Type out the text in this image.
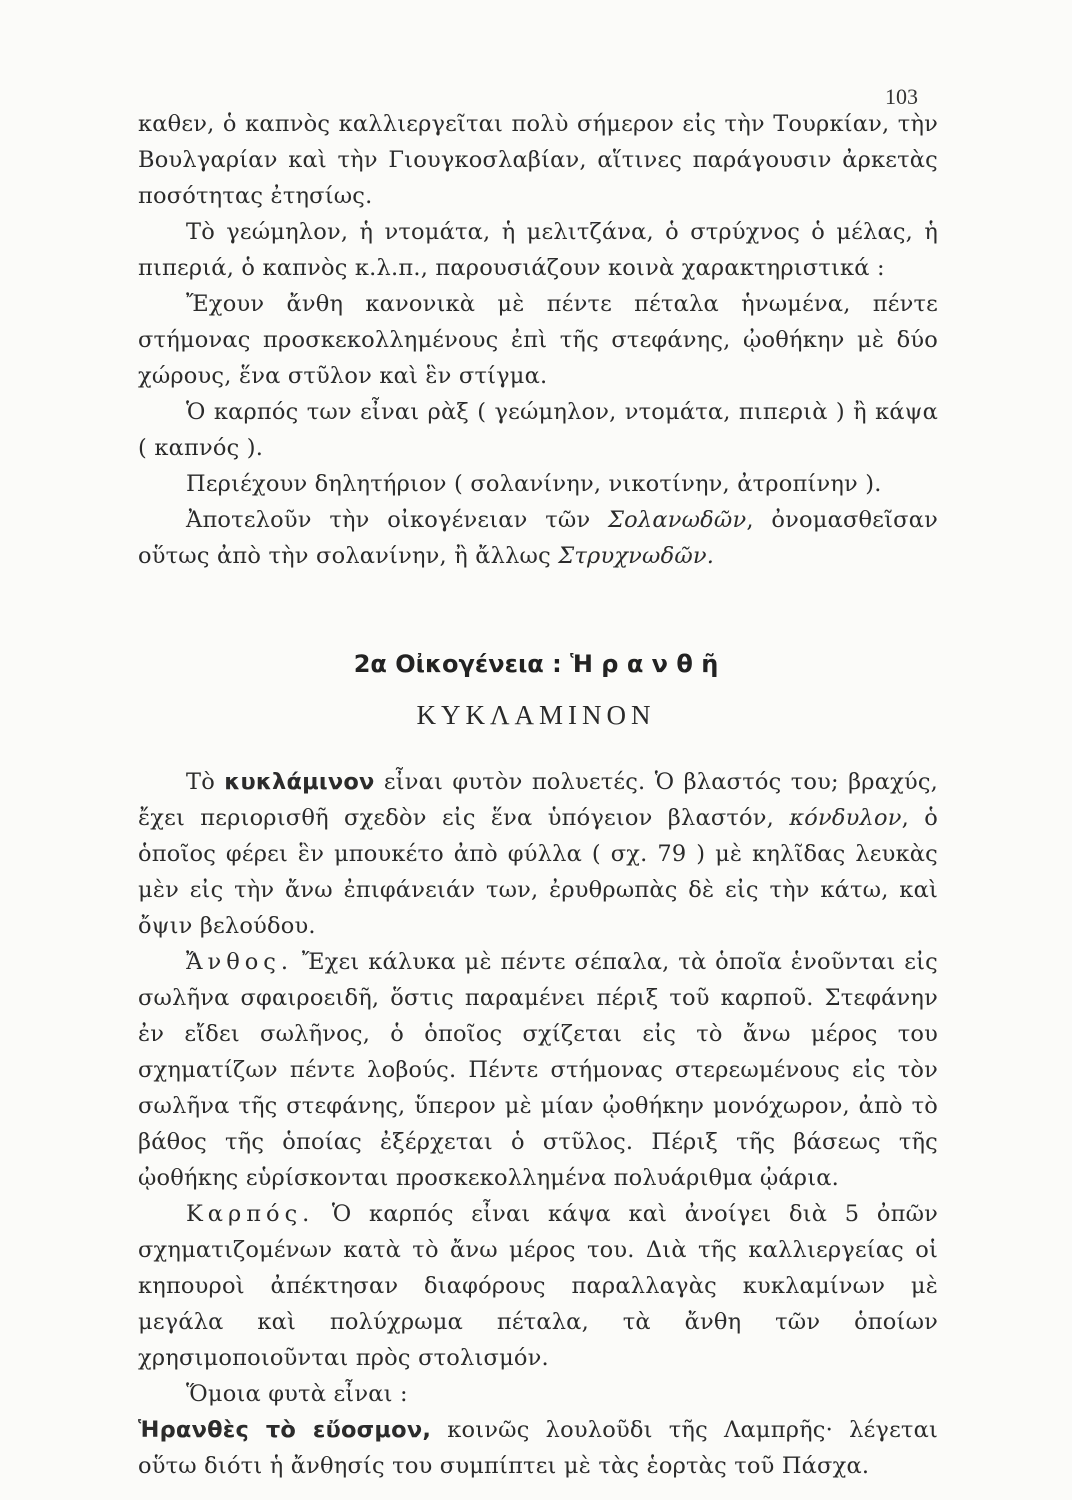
103

καθεν, ὁ καπνὸς καλλιεργεῖται πολὺ σήμερον εἰς τὴν Τουρκίαν, τὴν Βουλγαρίαν καὶ τὴν Γιουγκοσλαβίαν, αἵτινες παράγουσιν ἀρκετὰς ποσότητας ἐτησίως.

Τὸ γεώμηλον, ἡ ντομάτα, ἡ μελιτζάνα, ὁ στρύχνος ὁ μέλας, ἡ πιπεριά, ὁ καπνὸς κ.λ.π., παρουσιάζουν κοινὰ χαρακτηριστικά :

Ἔχουν ἄνθη κανονικὰ μὲ πέντε πέταλα ἡνωμένα, πέντε στήμονας προσκεκολλημένους ἐπὶ τῆς στεφάνης, ᾠοθήκην μὲ δύο χώρους, ἕνα στῦλον καὶ ἓν στίγμα.

Ὁ καρπός των εἶναι ρὰξ ( γεώμηλον, ντομάτα, πιπεριὰ ) ἢ κάψα ( καπνός ).

Περιέχουν δηλητήριον ( σολανίνην, νικοτίνην, ἀτροπίνην ).

Ἀποτελοῦν τὴν οἰκογένειαν τῶν Σολανωδῶν, ὀνομασθεῖσαν οὕτως ἀπὸ τὴν σολανίνην, ἢ ἄλλως Στρυχνωδῶν.

2α Οἰκογένεια : Ἡ ρ α ν θ ῆ
ΚΥΚΛΑΜΙΝΟΝ

Τὸ κυκλάμινον εἶναι φυτὸν πολυετές. Ὁ βλαστός του; βραχύς, ἔχει περιορισθῆ σχεδὸν εἰς ἕνα ὑπόγειον βλαστόν, κόνδυλον, ὁ ὁποῖος φέρει ἓν μπουκέτο ἀπὸ φύλλα ( σχ. 79 ) μὲ κηλῖδας λευκὰς μὲν εἰς τὴν ἄνω ἐπιφάνειάν των, ἐρυθρωπὰς δὲ εἰς τὴν κάτω, καὶ ὄψιν βελούδου.

Ἄνθος. Ἔχει κάλυκα μὲ πέντε σέπαλα, τὰ ὁποῖα ἑνοῦνται εἰς σωλῆνα σφαιροειδῆ, ὅστις παραμένει πέριξ τοῦ καρποῦ. Στεφάνην ἐν εἴδει σωλῆνος, ὁ ὁποῖος σχίζεται εἰς τὸ ἄνω μέρος του σχηματίζων πέντε λοβούς. Πέντε στήμονας στερεωμένους εἰς τὸν σωλῆνα τῆς στεφάνης, ὕπερον μὲ μίαν ᾠοθήκην μονόχωρον, ἀπὸ τὸ βάθος τῆς ὁποίας ἐξέρχεται ὁ στῦλος. Πέριξ τῆς βάσεως τῆς ᾠοθήκης εὑρίσκονται προσκεκολλημένα πολυάριθμα ᾠάρια.

Καρπός. Ὁ καρπός εἶναι κάψα καὶ ἀνοίγει διὰ 5 ὀπῶν σχηματιζομένων κατὰ τὸ ἄνω μέρος του. Διὰ τῆς καλλιεργείας οἱ κηπουροὶ ἀπέκτησαν διαφόρους παραλλαγὰς κυκλαμίνων μὲ μεγάλα καὶ πολύχρωμα πέταλα, τὰ ἄνθη τῶν ὁποίων χρησιμοποιοῦνται πρὸς στολισμόν.

Ὅμοια φυτὰ εἶναι :

Ἡρανθὲς τὸ εὔοσμον, κοινῶς λουλοῦδι τῆς Λαμπρῆς· λέγεται οὕτω διότι ἡ ἄνθησίς του συμπίπτει μὲ τὰς ἑορτὰς τοῦ Πάσχα.
